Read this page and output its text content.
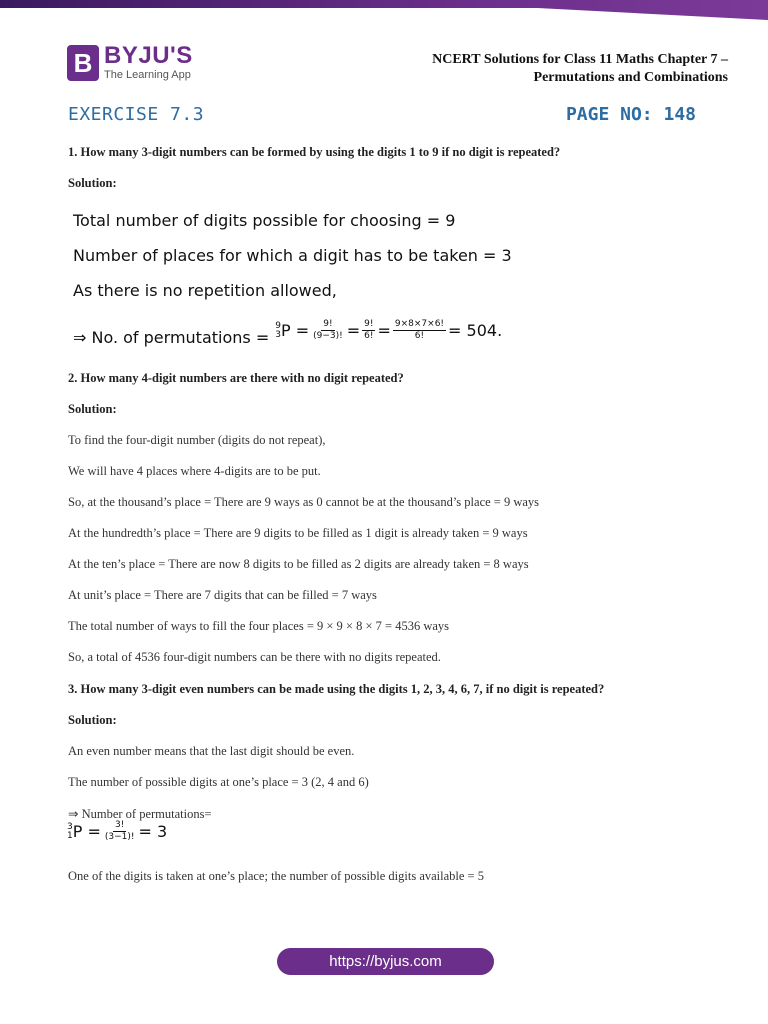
B BYJU'S
The Learning App
NCERT Solutions for Class 11 Maths Chapter 7 –
Permutations and Combinations
EXERCISE 7.3	PAGE NO: 148
1. How many 3-digit numbers can be formed by using the digits 1 to 9 if no digit is repeated?
Solution:
Total number of digits possible for choosing = 9
Number of places for which a digit has to be taken = 3
As there is no repetition allowed,
⇒ No. of permutations =
9
3 $P = \frac{9!}{(9-3)!} = \frac{9!}{6!} = \frac{9\times 8\times 7\times 6!}{6!} = 504$.
2. How many 4-digit numbers are there with no digit repeated?
Solution:
To find the four-digit number (digits do not repeat),
We will have 4 places where 4-digits are to be put.
So, at the thousand’s place = There are 9 ways as 0 cannot be at the thousand’s place = 9 ways
At the hundredth’s place = There are 9 digits to be filled as 1 digit is already taken = 9 ways
At the ten’s place = There are now 8 digits to be filled as 2 digits are already taken = 8 ways
At unit’s place = There are 7 digits that can be filled = 7 ways
The total number of ways to fill the four places = 9 × 9 × 8 × 7 = 4536 ways
So, a total of 4536 four-digit numbers can be there with no digits repeated.
3. How many 3-digit even numbers can be made using the digits 1, 2, 3, 4, 6, 7, if no digit is repeated?
Solution:
An even number means that the last digit should be even.
The number of possible digits at one’s place = 3 (2, 4 and 6)
⇒ Number of permutations=
3
1 $P = \frac{3!}{(3-1)!} = 3$
One of the digits is taken at one’s place; the number of possible digits available = 5
https://byjus.com
